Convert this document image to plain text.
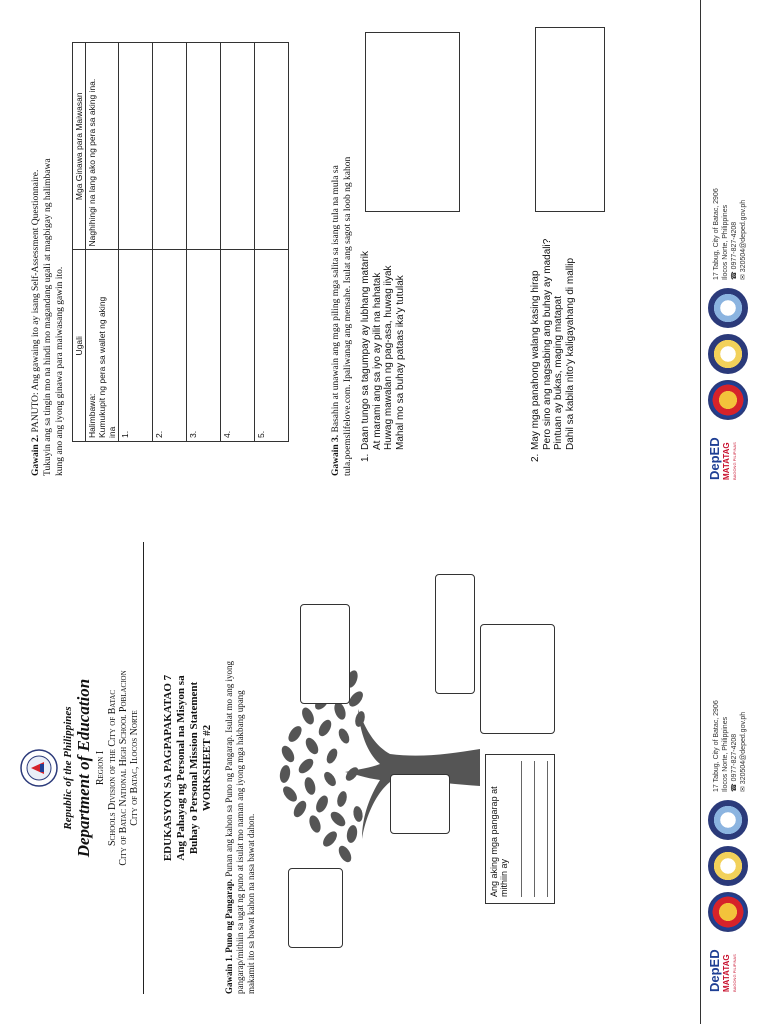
Republic of the Philippines Department of Education Region I Schools Division of the City of Batac City of Batac National High School Poblacion City of Batac, Ilocos Norte EDUKASYON SA PAGPAPAKATAO 7 Ang Pahayag ng Personal na Misyon sa Buhay o Personal Mission Statement WORKSHEET #2
Gawain 1. Puno ng Pangarap. Punan ang kahon sa Puno ng Pangarap. Isulat mo ang iyong pangarap/mithiin sa ugat ng puno at isulat mo naman ang iyong mga hakbang upang makamit ito sa bawat kahon na nasa bawat dahon.	Ang aking mga pangarap at mithiin ay
DepED MATATAG BAGONG PILIPINAS
17 Tabug, City of Batac, 2906 Ilocos Norte, Philippines ☎ 0977-827-4208
✉ 320504@deped.gov.ph
Gawain 2. PANUTO: Ang gawaing ito ay isang Self-Assessment Questionnaire. Tukuyin ang sa tingin mo na hindi mo magandang ugali at magbigay ng halimbawa kung ano ang iyong ginawa para maiwasang gawin ito. Ugali	Mga Ginawa para Maiwasan

Halimbawa: Kumukupit ng pera sa wallet ng aking ina	Naghihingi na lang ako ng pera sa aking ina.
1.	
2.	
3.	
4.	
5.	
Gawain 3. Basahin at unawain ang mga piling mga salita sa isang tula na mula sa tula.poemslifelove.com. Ipaliwanag ang mensahe. Isulat ang sagot sa loob ng kahon 1.
Daan tungo sa tagumpay ay lubhang matarik At marami ang sa iyo ay pilit na hahatak Huwag mawalan ng pag-asa, huwag iiyak Mahal mo sa buhay pataas ika'y tutulak
2.
May mga panahong walang kasing hirap Pero sino ang nagsabing ang buhay ay madali? Pintuan ay bukas, maging matapat Dahil sa kabila nito'y kaligayahang di mallip
DepED MATATAG BAGONG PILIPINAS
17 Tabug, City of Batac, 2906 Ilocos Norte, Philippines ☎ 0977-827-4208
✉ 320504@deped.gov.ph
